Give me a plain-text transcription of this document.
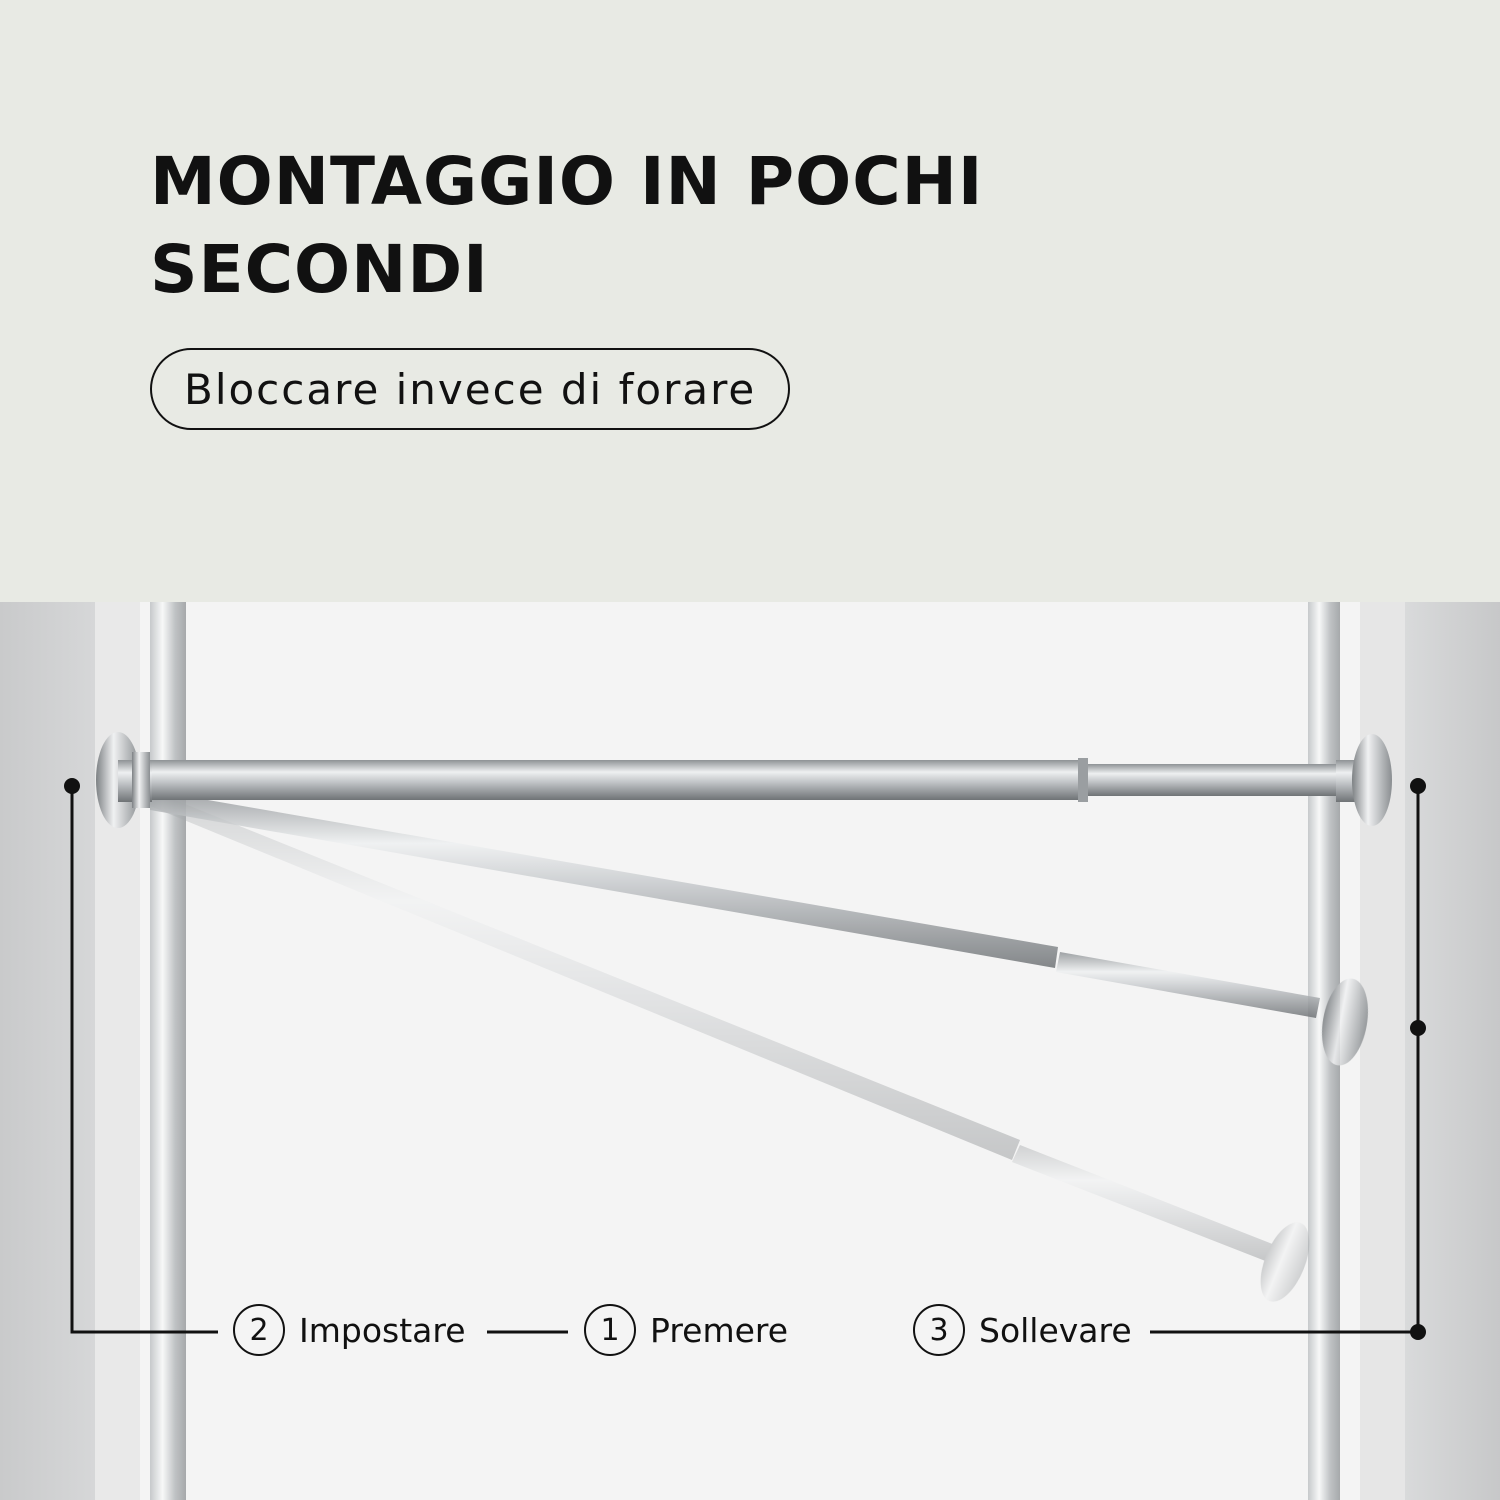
MONTAGGIO IN POCHI SECONDI
Bloccare invece di forare
2 Impostare	1 Premere	3 Sollevare
